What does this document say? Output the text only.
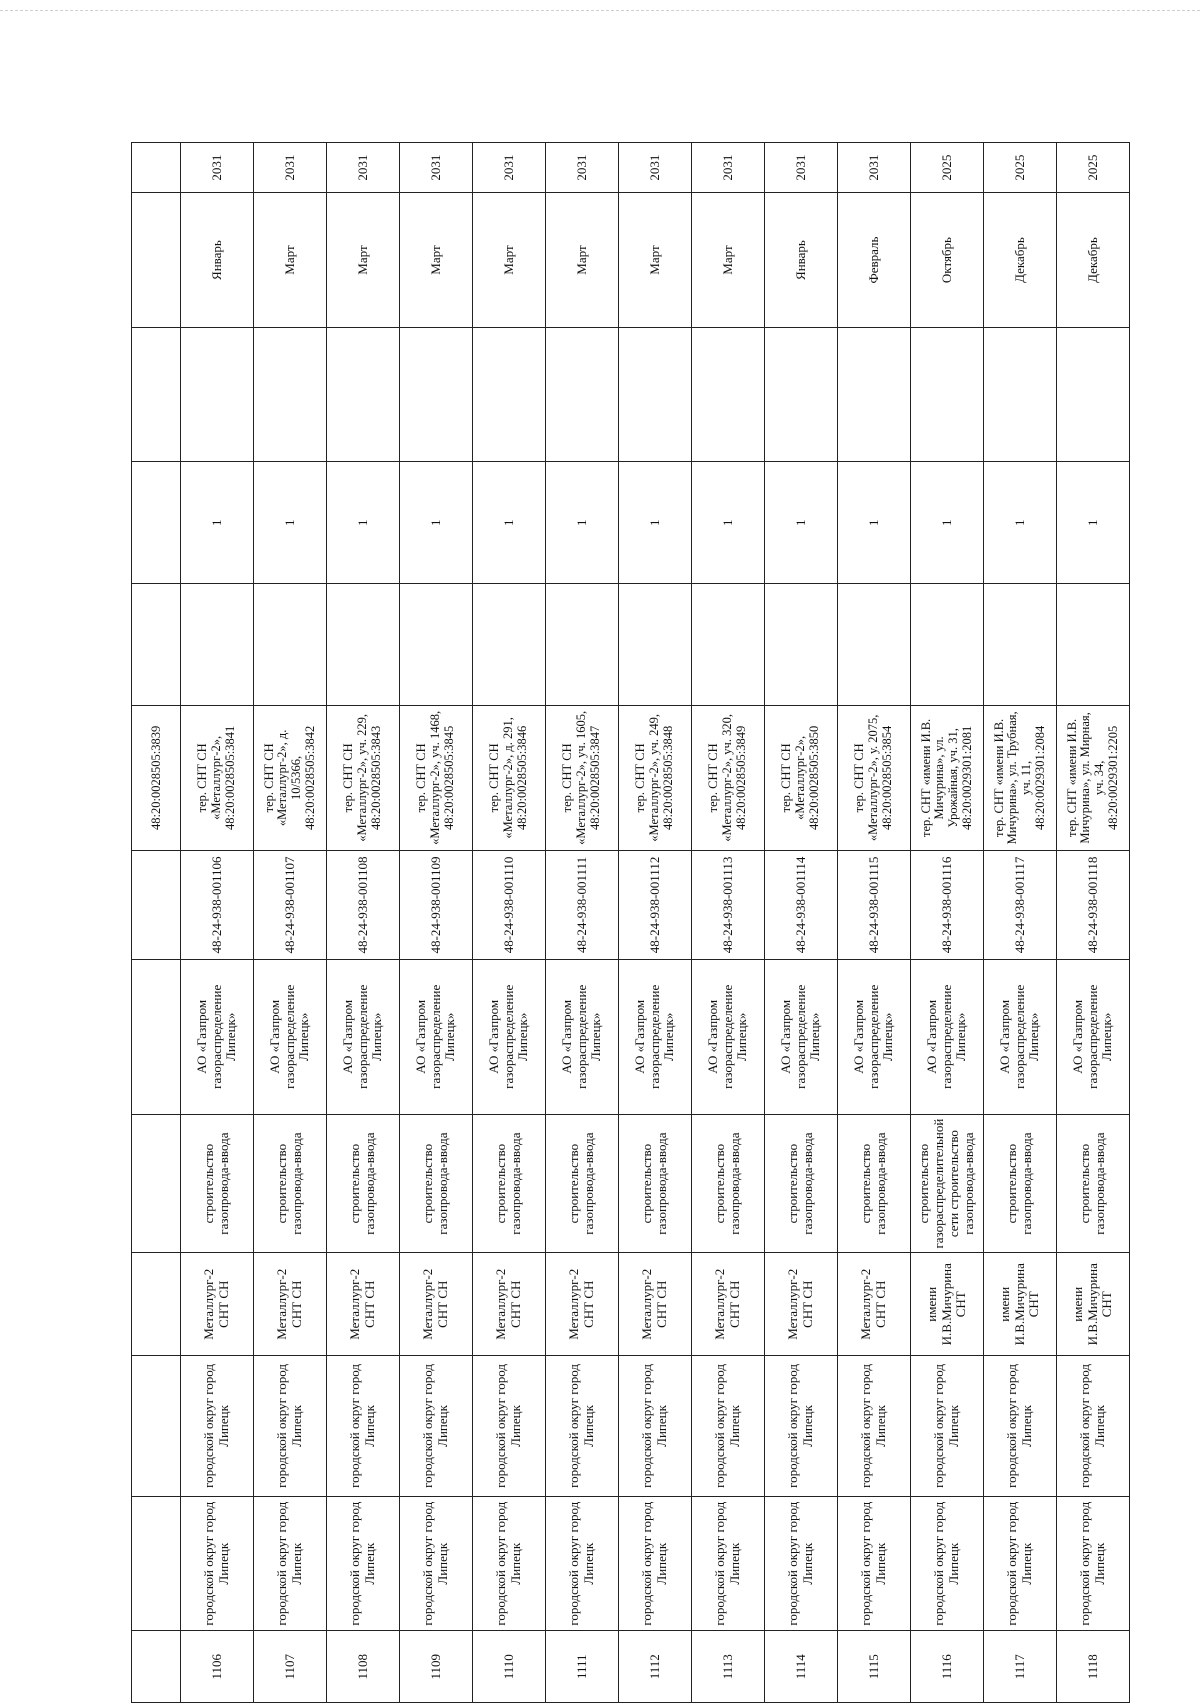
							48:20:0028505:3839					
1106	городской округ город Липецк	городской округ город Липецк	Металлург-2 СНТ СН	строительство газопровода-ввода	АО «Газпром газораспределение Липецк»	48-24-938-001106	тер. СНТ СН «Металлург-2», 48:20:0028505:3841		1		Январь	2031
1107	городской округ город Липецк	городской округ город Липецк	Металлург-2 СНТ СН	строительство газопровода-ввода	АО «Газпром газораспределение Липецк»	48-24-938-001107	тер. СНТ СН «Металлург-2», д. 10/5366, 48:20:0028505:3842		1		Март	2031
1108	городской округ город Липецк	городской округ город Липецк	Металлург-2 СНТ СН	строительство газопровода-ввода	АО «Газпром газораспределение Липецк»	48-24-938-001108	тер. СНТ СН «Металлург-2», уч. 229, 48:20:0028505:3843		1		Март	2031
1109	городской округ город Липецк	городской округ город Липецк	Металлург-2 СНТ СН	строительство газопровода-ввода	АО «Газпром газораспределение Липецк»	48-24-938-001109	тер. СНТ СН «Металлург-2», уч. 1468, 48:20:0028505:3845		1		Март	2031
1110	городской округ город Липецк	городской округ город Липецк	Металлург-2 СНТ СН	строительство газопровода-ввода	АО «Газпром газораспределение Липецк»	48-24-938-001110	тер. СНТ СН «Металлург-2», д. 291, 48:20:0028505:3846		1		Март	2031
1111	городской округ город Липецк	городской округ город Липецк	Металлург-2 СНТ СН	строительство газопровода-ввода	АО «Газпром газораспределение Липецк»	48-24-938-001111	тер. СНТ СН «Металлург-2», уч. 1605, 48:20:0028505:3847		1		Март	2031
1112	городской округ город Липецк	городской округ город Липецк	Металлург-2 СНТ СН	строительство газопровода-ввода	АО «Газпром газораспределение Липецк»	48-24-938-001112	тер. СНТ СН «Металлург-2», уч. 249, 48:20:0028505:3848		1		Март	2031
1113	городской округ город Липецк	городской округ город Липецк	Металлург-2 СНТ СН	строительство газопровода-ввода	АО «Газпром газораспределение Липецк»	48-24-938-001113	тер. СНТ СН «Металлург-2», уч. 320, 48:20:0028505:3849		1		Март	2031
1114	городской округ город Липецк	городской округ город Липецк	Металлург-2 СНТ СН	строительство газопровода-ввода	АО «Газпром газораспределение Липецк»	48-24-938-001114	тер. СНТ СН «Металлург-2», 48:20:0028505:3850		1		Январь	2031
1115	городской округ город Липецк	городской округ город Липецк	Металлург-2 СНТ СН	строительство газопровода-ввода	АО «Газпром газораспределение Липецк»	48-24-938-001115	тер. СНТ СН «Металлург-2», у. 2075, 48:20:0028505:3854		1		Февраль	2031
1116	городской округ город Липецк	городской округ город Липецк	имени И.В.Мичурина СНТ	строительство газораспределительной сети строительство газопровода-ввода	АО «Газпром газораспределение Липецк»	48-24-938-001116	тер. СНТ «имени И.В. Мичурина», ул. Урожайная, уч. 31, 48:20:0029301:2081		1		Октябрь	2025
1117	городской округ город Липецк	городской округ город Липецк	имени И.В.Мичурина СНТ	строительство газопровода-ввода	АО «Газпром газораспределение Липецк»	48-24-938-001117	тер. СНТ «имени И.В. Мичурина», ул. Трубная, уч. 11, 48:20:0029301:2084		1		Декабрь	2025
1118	городской округ город Липецк	городской округ город Липецк	имени И.В.Мичурина СНТ	строительство газопровода-ввода	АО «Газпром газораспределение Липецк»	48-24-938-001118	тер. СНТ «имени И.В. Мичурина», ул. Мирная, уч. 34, 48:20:0029301:2205		1		Декабрь	2025
